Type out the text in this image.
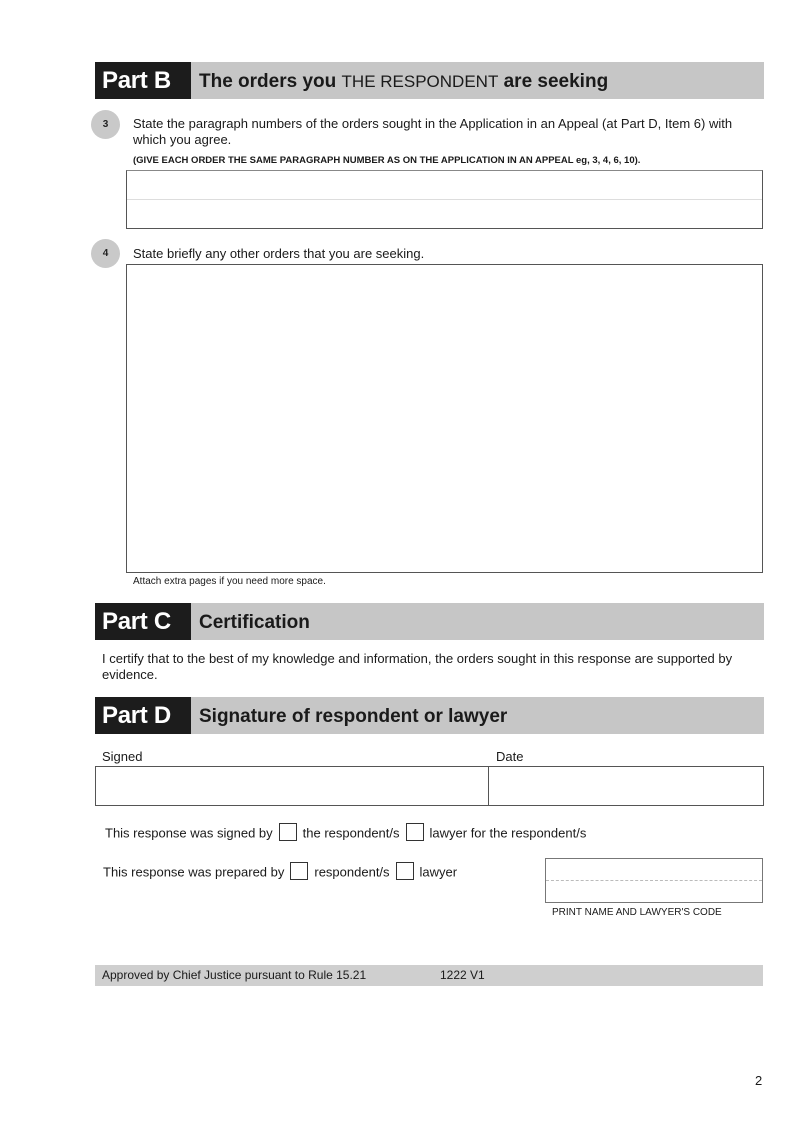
Part B	The orders you THE RESPONDENT are seeking
3	State the paragraph numbers of the orders sought in the Application in an Appeal (at Part D, Item 6) with which you agree.
(GIVE EACH ORDER THE SAME PARAGRAPH NUMBER AS ON THE APPLICATION IN AN APPEAL eg, 3, 4, 6, 10).
4	State briefly any other orders that you are seeking.
Attach extra pages if you need more space.
Part C	Certification
I certify that to the best of my knowledge and information, the orders sought in this response are supported by evidence.
Part D	Signature of respondent or lawyer
Signed	Date
This response was signed by the respondent/s lawyer for the respondent/s
This response was prepared by respondent/s lawyer
PRINT NAME AND LAWYER'S CODE
Approved by Chief Justice pursuant to Rule 15.21	1222 V1
2
